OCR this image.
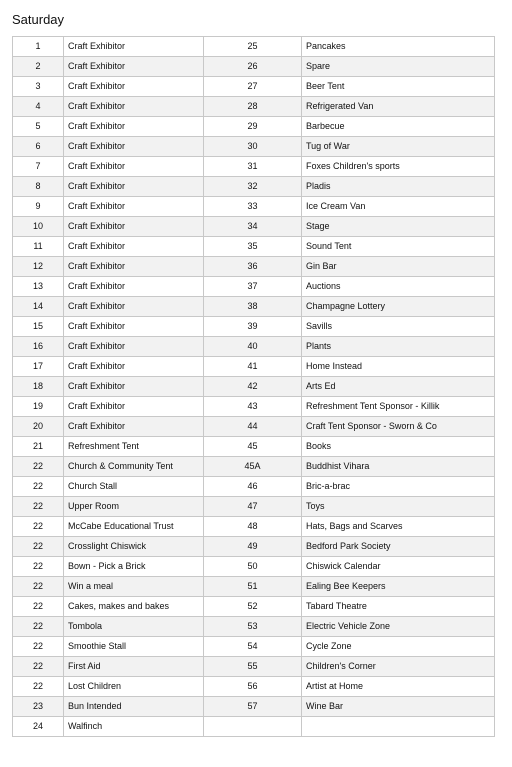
Saturday
1	Craft Exhibitor	25	Pancakes
2	Craft Exhibitor	26	Spare
3	Craft Exhibitor	27	Beer Tent
4	Craft Exhibitor	28	Refrigerated Van
5	Craft Exhibitor	29	Barbecue
6	Craft Exhibitor	30	Tug of War
7	Craft Exhibitor	31	Foxes Children's sports
8	Craft Exhibitor	32	Pladis
9	Craft Exhibitor	33	Ice Cream Van
10	Craft Exhibitor	34	Stage
11	Craft Exhibitor	35	Sound Tent
12	Craft Exhibitor	36	Gin Bar
13	Craft Exhibitor	37	Auctions
14	Craft Exhibitor	38	Champagne Lottery
15	Craft Exhibitor	39	Savills
16	Craft Exhibitor	40	Plants
17	Craft Exhibitor	41	Home Instead
18	Craft Exhibitor	42	Arts Ed
19	Craft Exhibitor	43	Refreshment Tent Sponsor - Killik
20	Craft Exhibitor	44	Craft Tent Sponsor - Sworn & Co
21	Refreshment Tent	45	Books
22	Church & Community Tent	45A	Buddhist Vihara
22	Church Stall	46	Bric-a-brac
22	Upper Room	47	Toys
22	McCabe Educational Trust	48	Hats, Bags and Scarves
22	Crosslight Chiswick	49	Bedford Park Society
22	Bown - Pick a Brick	50	Chiswick Calendar
22	Win a meal	51	Ealing Bee Keepers
22	Cakes, makes and bakes	52	Tabard Theatre
22	Tombola	53	Electric Vehicle Zone
22	Smoothie Stall	54	Cycle Zone
22	First Aid	55	Children's Corner
22	Lost Children	56	Artist at Home
23	Bun Intended	57	Wine Bar
24	Walfinch		
